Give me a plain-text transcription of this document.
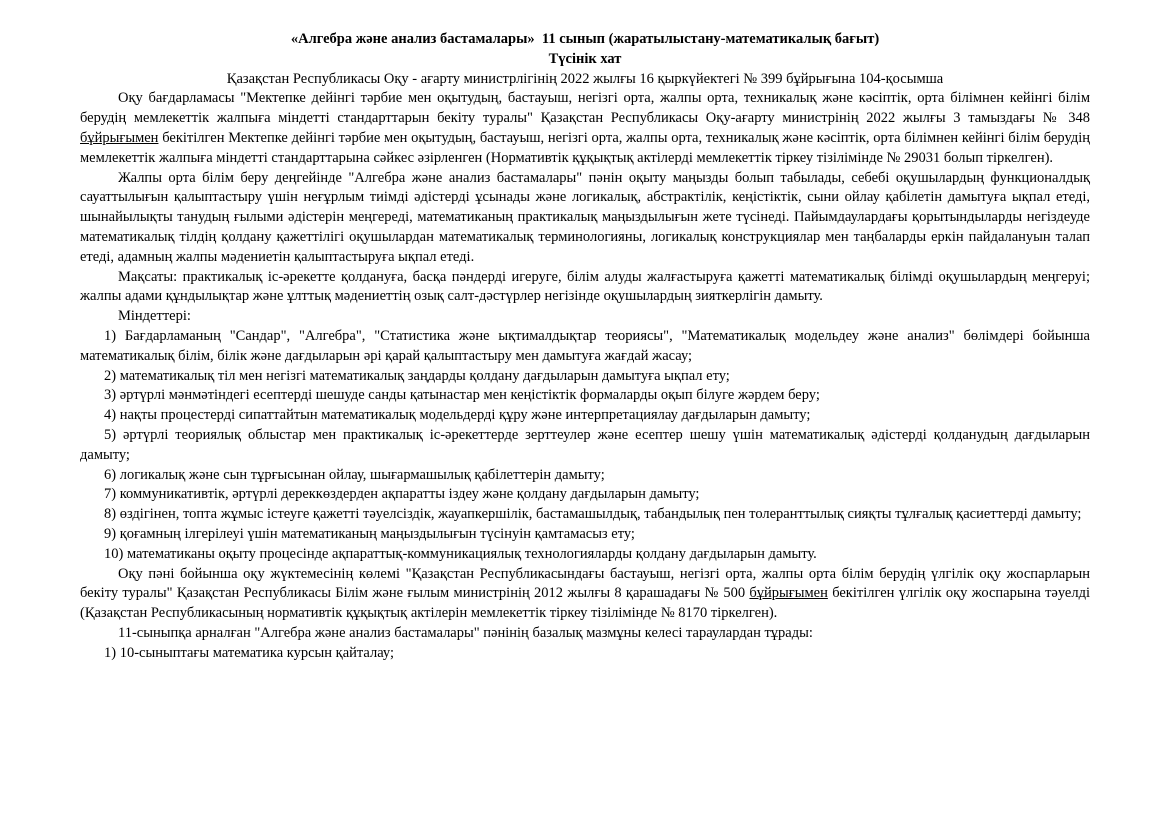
«Алгебра және анализ бастамалары»  11 сынып (жаратылыстану-математикалық бағыт)
Түсінік хат
Қазақстан Республикасы Оқу - ағарту министрлігінің 2022 жылғы 16 қыркүйектегі № 399 бұйрығына 104-қосымша

Оқу бағдарламасы "Мектепке дейінгі тәрбие мен оқытудың, бастауыш, негізгі орта, жалпы орта, техникалық және кәсіптік, орта білімнен кейінгі білім берудің мемлекеттік жалпыға міндетті стандарттарын бекіту туралы" Қазақстан Республикасы Оқу-ағарту министрінің 2022 жылғы 3 тамыздағы № 348 бұйрығымен бекітілген Мектепке дейінгі тәрбие мен оқытудың, бастауыш, негізгі орта, жалпы орта, техникалық және кәсіптік, орта білімнен кейінгі білім берудің мемлекеттік жалпыға міндетті стандарттарына сәйкес әзірленген (Нормативтік құқықтық актілерді мемлекеттік тіркеу тізілімінде № 29031 болып тіркелген).

Жалпы орта білім беру деңгейінде "Алгебра және анализ бастамалары" пәнін оқыту маңызды болып табылады, себебі оқушылардың функционалдық сауаттылығын қалыптастыру үшін неғұрлым тиімді әдістерді ұсынады және логикалық, абстрактілік, кеңістіктік, сыни ойлау қабілетін дамытуға ықпал етеді, шынайылықты танудың ғылыми әдістерін меңгереді, математиканың практикалық маңыздылығын жете түсінеді. Пайымдаулардағы қорытындыларды негіздеуде математикалық тілдің қолдану қажеттілігі оқушылардан математикалық терминологияны, логикалық конструкциялар мен таңбаларды еркін пайдалануын талап етеді, адамның жалпы мәдениетін қалыптастыруға ықпал етеді.

Мақсаты: практикалық іс-әрекетте қолдануға, басқа пәндерді игеруге, білім алуды жалғастыруға қажетті математикалық білімді оқушылардың меңгеруі; жалпы адами құндылықтар және ұлттық мәдениеттің озық салт-дәстүрлер негізінде оқушылардың зияткерлігін дамыту.

Міндеттері:

1) Бағдарламаның "Сандар", "Алгебра", "Статистика және ықтималдықтар теориясы", "Математикалық модельдеу және анализ" бөлімдері бойынша математикалық білім, білік және дағдыларын әрі қарай қалыптастыру мен дамытуға жағдай жасау;

2) математикалық тіл мен негізгі математикалық заңдарды қолдану дағдыларын дамытуға ықпал ету;

3) әртүрлі мәнмәтіндегі есептерді шешуде санды қатынастар мен кеңістіктік формаларды оқып білуге жәрдем беру;

4) нақты процестерді сипаттайтын математикалық модельдерді құру және интерпретациялау дағдыларын дамыту;

5) әртүрлі теориялық облыстар мен практикалық іс-әрекеттерде зерттеулер және есептер шешу үшін математикалық әдістерді қолданудың дағдыларын дамыту;

6) логикалық және сын тұрғысынан ойлау, шығармашылық қабілеттерін дамыту;

7) коммуникативтік, әртүрлі дереккөздерден ақпаратты іздеу және қолдану дағдыларын дамыту;

8) өздігінен, топта жұмыс істеуге қажетті тәуелсіздік, жауапкершілік, бастамашылдық, табандылық пен толеранттылық сияқты тұлғалық қасиеттерді дамыту;

9) қоғамның ілгерілеуі үшін математиканың маңыздылығын түсінуін қамтамасыз ету;

10) математиканы оқыту процесінде ақпараттық-коммуникациялық технологияларды қолдану дағдыларын дамыту.

Оқу пәні бойынша оқу жүктемесінің көлемі "Қазақстан Республикасындағы бастауыш, негізгі орта, жалпы орта білім берудің үлгілік оқу жоспарларын бекіту туралы" Қазақстан Республикасы Білім және ғылым министрінің 2012 жылғы 8 қарашадағы № 500 бұйрығымен бекітілген үлгілік оқу жоспарына тәуелді (Қазақстан Республикасының нормативтік құқықтық актілерін мемлекеттік тіркеу тізілімінде № 8170 тіркелген).

11-сыныпқа арналған "Алгебра және анализ бастамалары" пәнінің базалық мазмұны келесі тараулардан тұрады:

1) 10-сыныптағы математика курсын қайталау;
